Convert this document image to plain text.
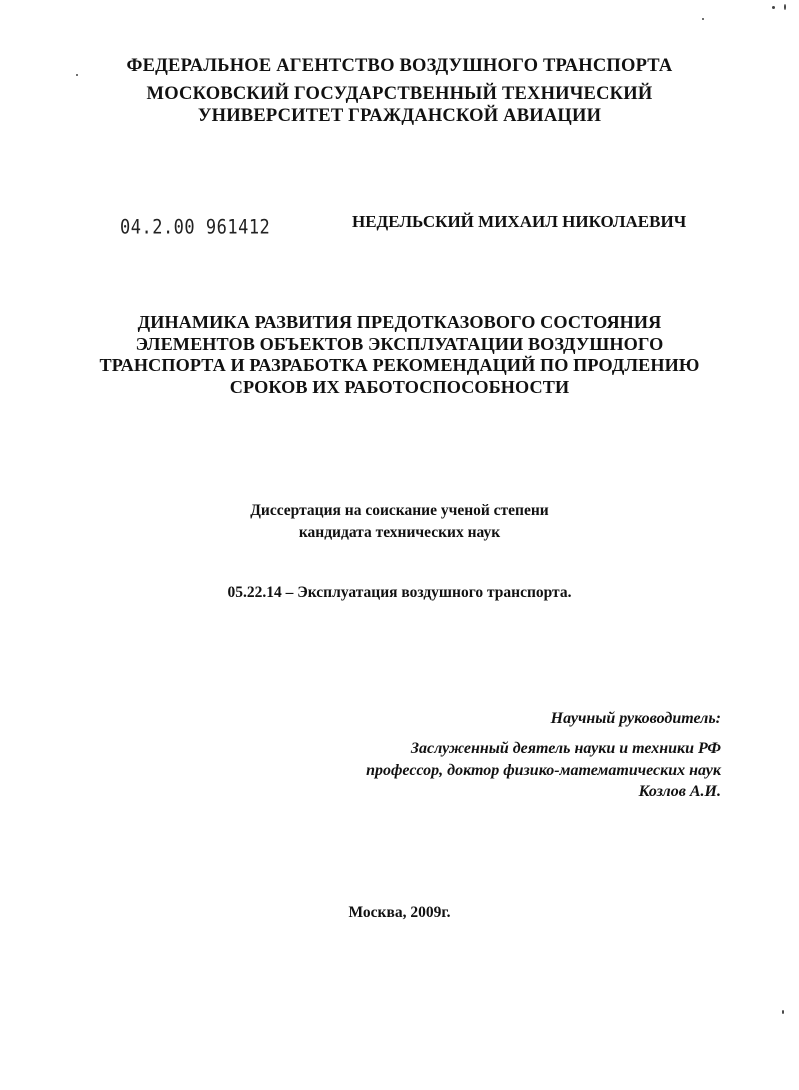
ФЕДЕРАЛЬНОЕ АГЕНТСТВО ВОЗДУШНОГО ТРАНСПОРТА
МОСКОВСКИЙ ГОСУДАРСТВЕННЫЙ ТЕХНИЧЕСКИЙ
УНИВЕРСИТЕТ ГРАЖДАНСКОЙ АВИАЦИИ
04.2.00 961412	НЕДЕЛЬСКИЙ МИХАИЛ НИКОЛАЕВИЧ
ДИНАМИКА РАЗВИТИЯ ПРЕДОТКАЗОВОГО СОСТОЯНИЯ
ЭЛЕМЕНТОВ ОБЪЕКТОВ ЭКСПЛУАТАЦИИ ВОЗДУШНОГО
ТРАНСПОРТА И РАЗРАБОТКА РЕКОМЕНДАЦИЙ ПО ПРОДЛЕНИЮ
СРОКОВ ИХ РАБОТОСПОСОБНОСТИ
Диссертация на соискание ученой степени
кандидата технических наук
05.22.14 – Эксплуатация воздушного транспорта.
Научный руководитель:
Заслуженный деятель науки и техники РФ
профессор, доктор физико-математических наук
Козлов А.И.
Москва, 2009г.
